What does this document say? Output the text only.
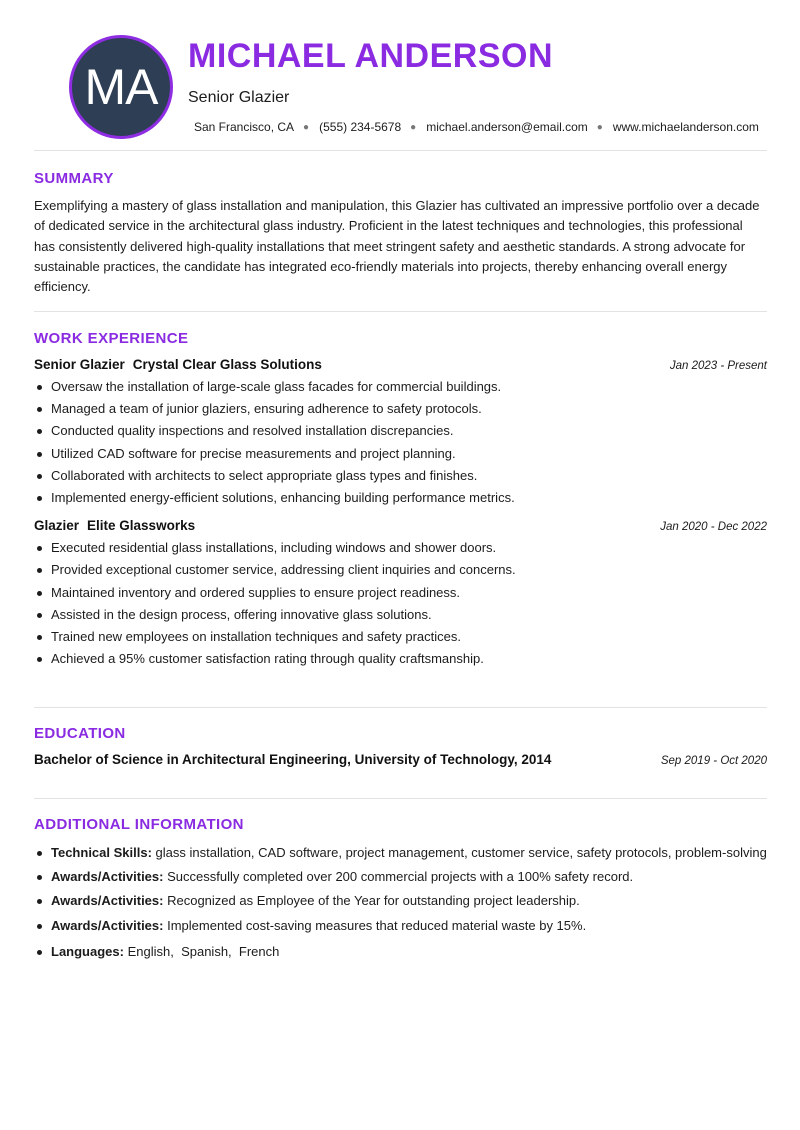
MA
MICHAEL ANDERSON
Senior Glazier
San Francisco, CA ● (555) 234-5678 ● michael.anderson@email.com ● www.michaelanderson.com
SUMMARY

Exemplifying a mastery of glass installation and manipulation, this Glazier has cultivated an impressive portfolio over a decade of dedicated service in the architectural glass industry. Proficient in the latest techniques and technologies, this professional has consistently delivered high-quality installations that meet stringent safety and aesthetic standards. A strong advocate for sustainable practices, the candidate has integrated eco-friendly materials into projects, thereby enhancing overall energy efficiency.

WORK EXPERIENCE
Senior Glazier Crystal Clear Glass Solutions	Jan 2023 - Present
Oversaw the installation of large-scale glass facades for commercial buildings.
Managed a team of junior glaziers, ensuring adherence to safety protocols.
Conducted quality inspections and resolved installation discrepancies.
Utilized CAD software for precise measurements and project planning.
Collaborated with architects to select appropriate glass types and finishes.
Implemented energy-efficient solutions, enhancing building performance metrics.
Glazier Elite Glassworks	Jan 2020 - Dec 2022
Executed residential glass installations, including windows and shower doors.
Provided exceptional customer service, addressing client inquiries and concerns.
Maintained inventory and ordered supplies to ensure project readiness.
Assisted in the design process, offering innovative glass solutions.
Trained new employees on installation techniques and safety practices.
Achieved a 95% customer satisfaction rating through quality craftsmanship.
EDUCATION
Bachelor of Science in Architectural Engineering, University of Technology, 2014	Sep 2019 - Oct 2020
ADDITIONAL INFORMATION
Technical Skills: glass installation, CAD software, project management, customer service, safety protocols, problem-solving
Awards/Activities: Successfully completed over 200 commercial projects with a 100% safety record.
Awards/Activities: Recognized as Employee of the Year for outstanding project leadership.
Awards/Activities: Implemented cost-saving measures that reduced material waste by 15%.
Languages: English,  Spanish,  French
